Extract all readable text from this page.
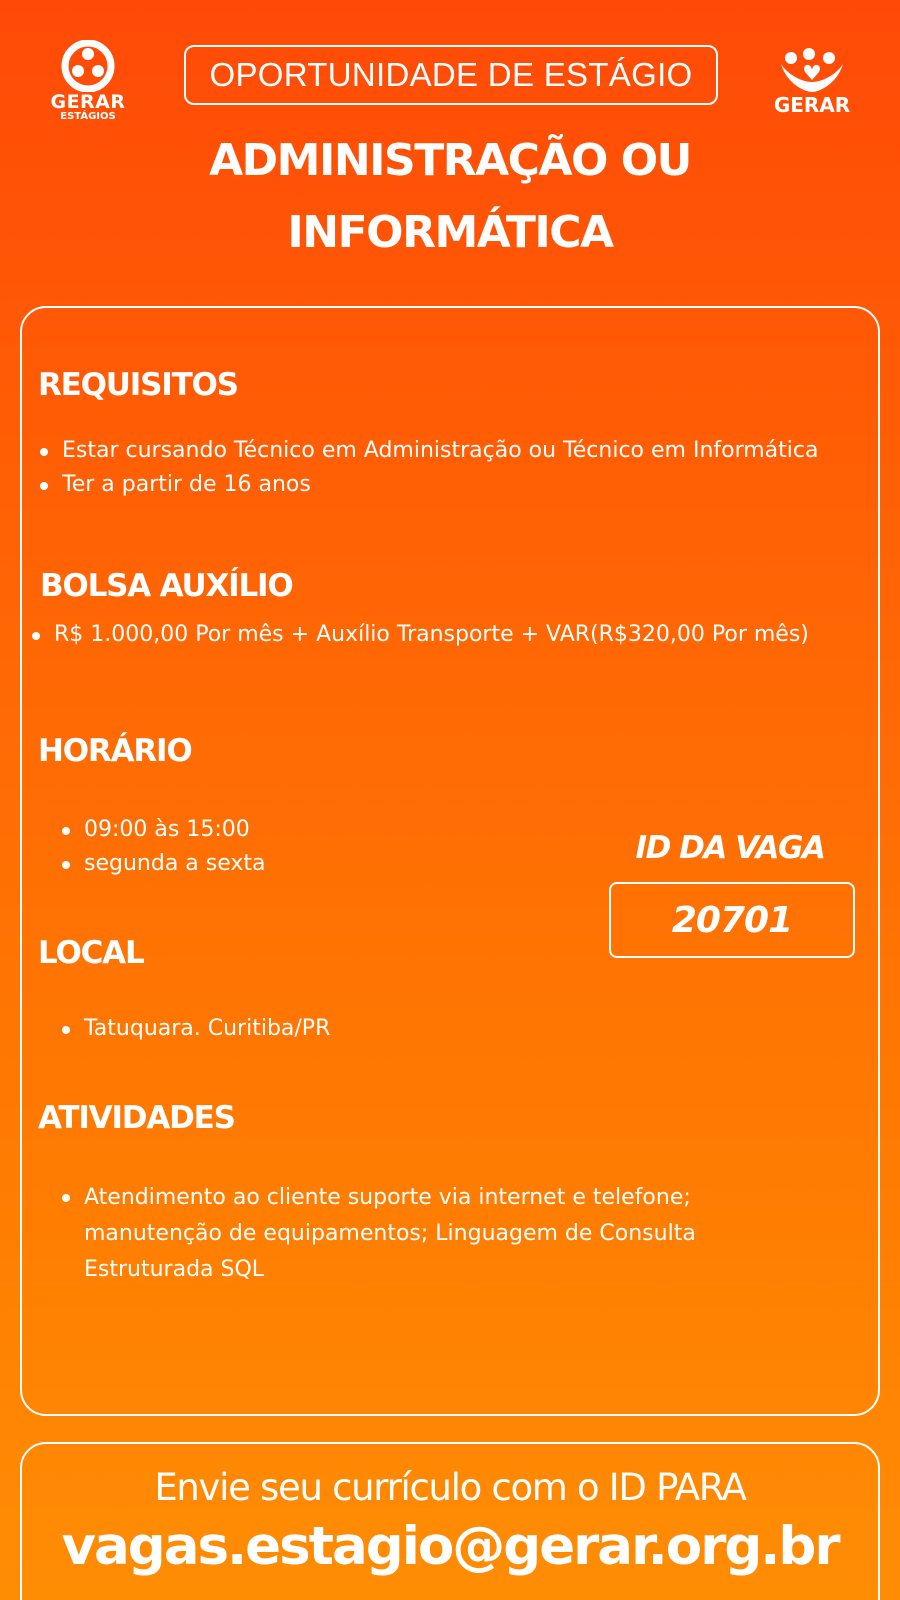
GERAR
ESTÁGIOS	GERAR
OPORTUNIDADE DE ESTÁGIO
ADMINISTRAÇÃO OU
INFORMÁTICA
REQUISITOS
Estar cursando Técnico em Administração ou Técnico em Informática
Ter a partir de 16 anos
BOLSA AUXÍLIO
R$ 1.000,00 Por mês + Auxílio Transporte + VAR(R$320,00 Por mês)
HORÁRIO
09:00 às 15:00
segunda a sexta	ID DA VAGA
20701
LOCAL
Tatuquara. Curitiba/PR
ATIVIDADES
Atendimento ao cliente suporte via internet e telefone; manutenção de equipamentos; Linguagem de Consulta Estruturada SQL
Envie seu currículo com o ID PARA
vagas.estagio@gerar.org.br
